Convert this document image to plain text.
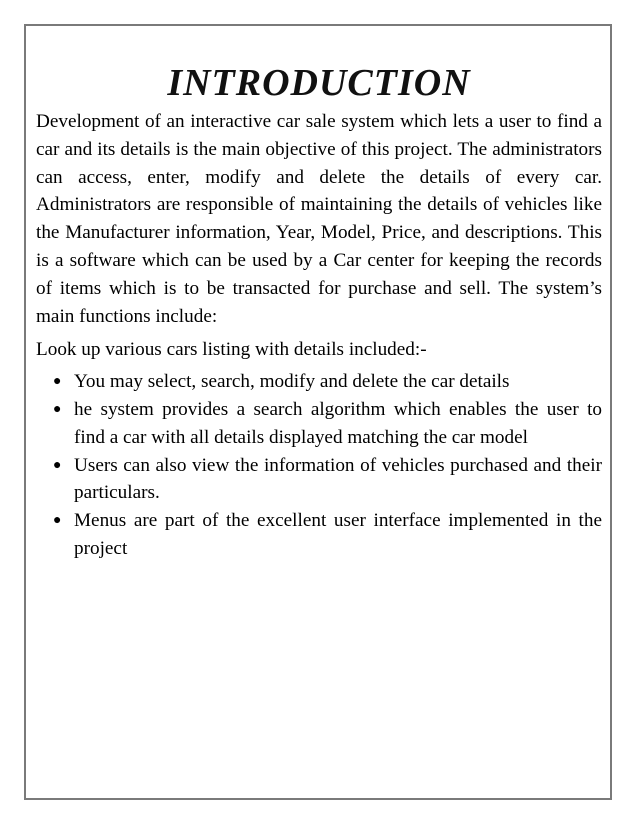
INTRODUCTION

Development of an interactive car sale system which lets a user to find a car and its details is the main objective of this project. The administrators can access, enter, modify and delete the details of every car. Administrators are responsible of maintaining the details of vehicles like the Manufacturer information, Year, Model, Price, and descriptions. This is a software which can be used by a Car center for keeping the records of items which is to be transacted for purchase and sell. The system’s main functions include:

Look up various cars listing with details included:-

● You may select, search, modify and delete the car details
● he system provides a search algorithm which enables the user to find a car with all details displayed matching the car model
● Users can also view the information of vehicles purchased and their particulars.
● Menus are part of the excellent user interface implemented in the project
